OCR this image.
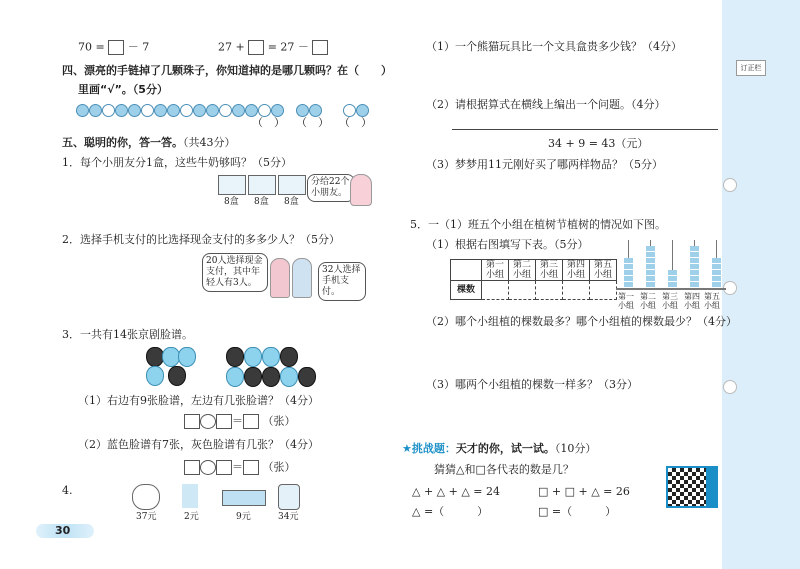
订正栏
70 = － 7	27 + = 27 －
四、漂亮的手链掉了几颗珠子，你知道掉的是哪几颗吗？在（　　）
里画“√”。（5分）
（　） （　） （　）
五、聪明的你，答一答。（共43分）
1．每个小朋友分1盒，这些牛奶够吗？（5分）
8盒 8盒 8盒
分给22个小朋友。
2．选择手机支付的比选择现金支付的多多少人？（5分）
20人选择现金支付，其中年轻人有3人。
32人选择手机支付。
3．一共有14张京剧脸谱。
（1）右边有9张脸谱，左边有几张脸谱？（4分）
＝ （张）
（2）蓝色脸谱有7张，灰色脸谱有几张？（4分）
＝ （张）
4.
37元	2元	9元	34元
30
（1）一个熊猫玩具比一个文具盒贵多少钱？（4分）
（2）请根据算式在横线上编出一个问题。（4分）
34 + 9 = 43（元）
（3）梦梦用11元刚好买了哪两样物品？（5分）
5．一（1）班五个小组在植树节植树的情况如下图。
（1）根据右图填写下表。（5分）
	第一小组	第二小组	第三小组	第四小组	第五小组
棵数					
第一小组
第二小组
第三小组
第四小组
第五小组
（2）哪个小组植的棵数最多？哪个小组植的棵数最少？（4分）
（3）哪两个小组植的棵数一样多？（3分）
★挑战题：天才的你，试一试。（10分）
猜猜△和□各代表的数是几？
△ + △ + △ = 24	□ + □ + △ = 26
△ =（　　　）	□ =（　　　）
